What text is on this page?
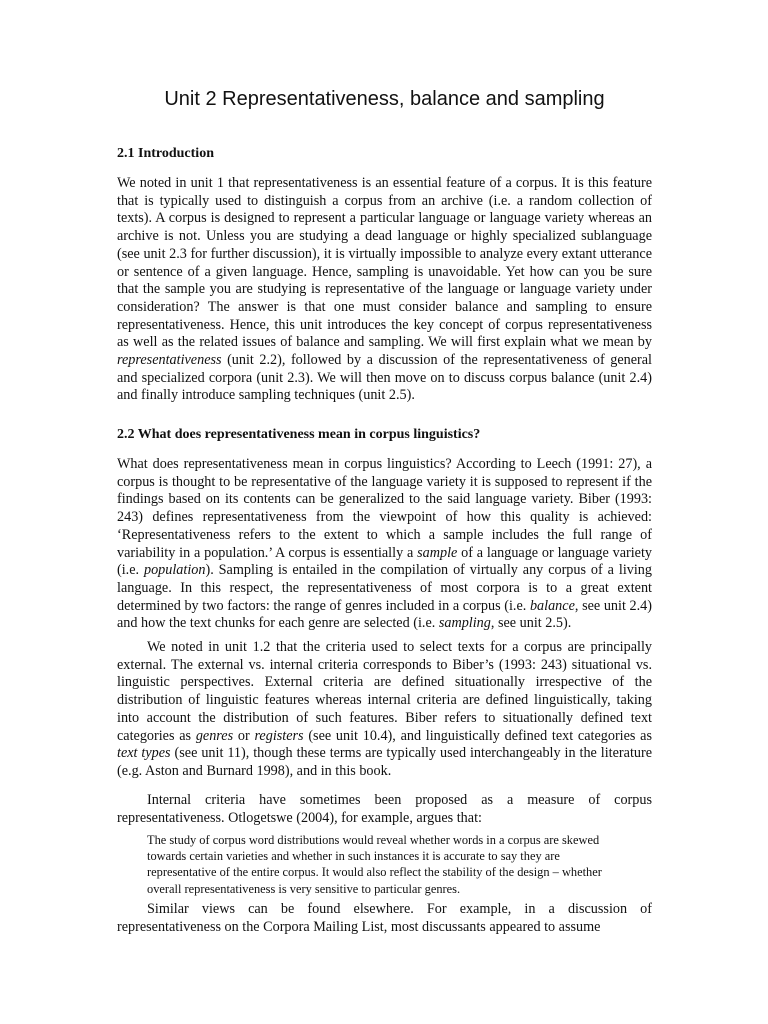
Unit 2 Representativeness, balance and sampling
2.1 Introduction

We noted in unit 1 that representativeness is an essential feature of a corpus. It is this feature that is typically used to distinguish a corpus from an archive (i.e. a random collection of texts). A corpus is designed to represent a particular language or language variety whereas an archive is not. Unless you are studying a dead language or highly specialized sublanguage (see unit 2.3 for further discussion), it is virtually impossible to analyze every extant utterance or sentence of a given language. Hence, sampling is unavoidable. Yet how can you be sure that the sample you are studying is representative of the language or language variety under consideration? The answer is that one must consider balance and sampling to ensure representativeness. Hence, this unit introduces the key concept of corpus representativeness as well as the related issues of balance and sampling. We will first explain what we mean by representativeness (unit 2.2), followed by a discussion of the representativeness of general and specialized corpora (unit 2.3). We will then move on to discuss corpus balance (unit 2.4) and finally introduce sampling techniques (unit 2.5).

2.2 What does representativeness mean in corpus linguistics?

What does representativeness mean in corpus linguistics? According to Leech (1991: 27), a corpus is thought to be representative of the language variety it is supposed to represent if the findings based on its contents can be generalized to the said language variety. Biber (1993: 243) defines representativeness from the viewpoint of how this quality is achieved: ‘Representativeness refers to the extent to which a sample includes the full range of variability in a population.’ A corpus is essentially a sample of a language or language variety (i.e. population). Sampling is entailed in the compilation of virtually any corpus of a living language. In this respect, the representativeness of most corpora is to a great extent determined by two factors: the range of genres included in a corpus (i.e. balance, see unit 2.4) and how the text chunks for each genre are selected (i.e. sampling, see unit 2.5).

We noted in unit 1.2 that the criteria used to select texts for a corpus are principally external. The external vs. internal criteria corresponds to Biber’s (1993: 243) situational vs. linguistic perspectives. External criteria are defined situationally irrespective of the distribution of linguistic features whereas internal criteria are defined linguistically, taking into account the distribution of such features. Biber refers to situationally defined text categories as genres or registers (see unit 10.4), and linguistically defined text categories as text types (see unit 11), though these terms are typically used interchangeably in the literature (e.g. Aston and Burnard 1998), and in this book.

Internal criteria have sometimes been proposed as a measure of corpus representativeness. Otlogetswe (2004), for example, argues that:

The study of corpus word distributions would reveal whether words in a corpus are skewed towards certain varieties and whether in such instances it is accurate to say they are representative of the entire corpus. It would also reflect the stability of the design – whether overall representativeness is very sensitive to particular genres.

Similar views can be found elsewhere. For example, in a discussion of representativeness on the Corpora Mailing List, most discussants appeared to assume
